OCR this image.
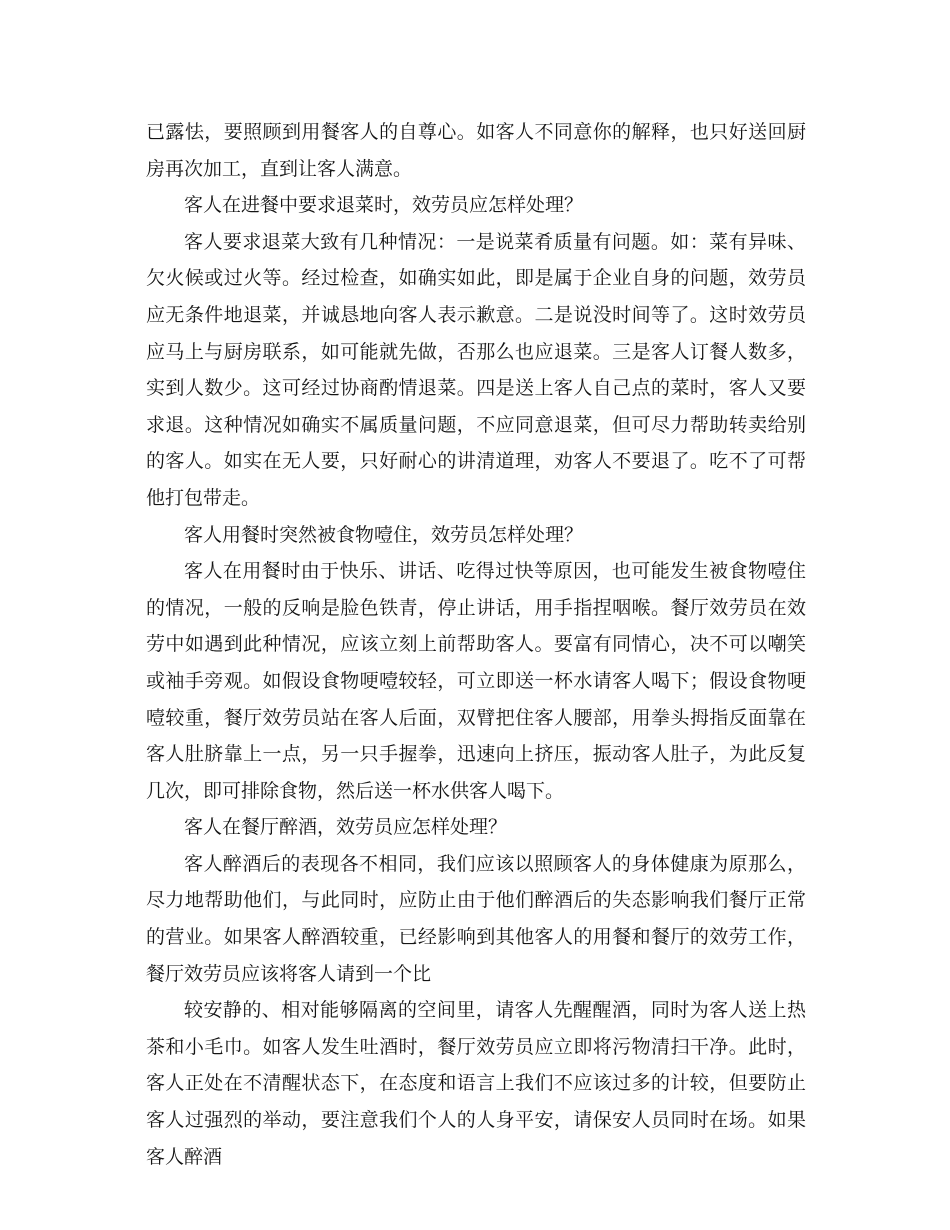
已露怯，要照顾到用餐客人的自尊心。如客人不同意你的解释，也只好送回厨房再次加工，直到让客人满意。

客人在进餐中要求退菜时，效劳员应怎样处理？

客人要求退菜大致有几种情况：一是说菜肴质量有问题。如：菜有异味、欠火候或过火等。经过检查，如确实如此，即是属于企业自身的问题，效劳员应无条件地退菜，并诚恳地向客人表示歉意。二是说没时间等了。这时效劳员应马上与厨房联系，如可能就先做，否那么也应退菜。三是客人订餐人数多，实到人数少。这可经过协商酌情退菜。四是送上客人自己点的菜时，客人又要求退。这种情况如确实不属质量问题，不应同意退菜，但可尽力帮助转卖给别的客人。如实在无人要，只好耐心的讲清道理，劝客人不要退了。吃不了可帮他打包带走。

客人用餐时突然被食物噎住，效劳员怎样处理？

客人在用餐时由于快乐、讲话、吃得过快等原因，也可能发生被食物噎住的情况，一般的反响是脸色铁青，停止讲话，用手指捏咽喉。餐厅效劳员在效劳中如遇到此种情况，应该立刻上前帮助客人。要富有同情心，决不可以嘲笑或袖手旁观。如假设食物哽噎较轻，可立即送一杯水请客人喝下；假设食物哽噎较重，餐厅效劳员站在客人后面，双臂把住客人腰部，用拳头拇指反面靠在客人肚脐靠上一点，另一只手握拳，迅速向上挤压，振动客人肚子，为此反复几次，即可排除食物，然后送一杯水供客人喝下。

客人在餐厅醉酒，效劳员应怎样处理？

客人醉酒后的表现各不相同，我们应该以照顾客人的身体健康为原那么，尽力地帮助他们，与此同时，应防止由于他们醉酒后的失态影响我们餐厅正常的营业。如果客人醉酒较重，已经影响到其他客人的用餐和餐厅的效劳工作，餐厅效劳员应该将客人请到一个比

较安静的、相对能够隔离的空间里，请客人先醒醒酒，同时为客人送上热茶和小毛巾。如客人发生吐酒时，餐厅效劳员应立即将污物清扫干净。此时，客人正处在不清醒状态下，在态度和语言上我们不应该过多的计较，但要防止客人过强烈的举动，要注意我们个人的人身平安，请保安人员同时在场。如果客人醉酒
